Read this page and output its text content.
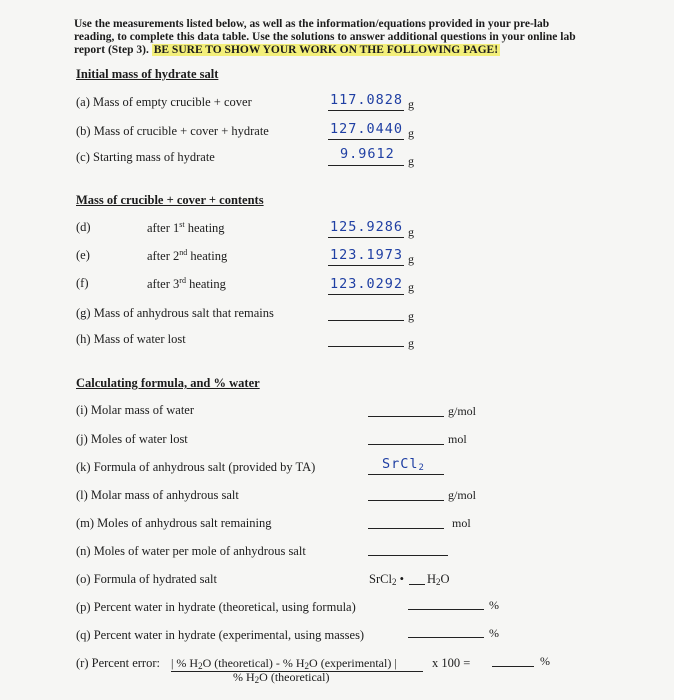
Use the measurements listed below, as well as the information/equations provided in your pre-lab
reading, to complete this data table. Use the solutions to answer additional questions in your online lab
report (Step 3). BE SURE TO SHOW YOUR WORK ON THE FOLLOWING PAGE!
Initial mass of hydrate salt
(a) Mass of empty crucible + cover	117.0828 g
(b) Mass of crucible + cover + hydrate	127.0440 g
(c) Starting mass of hydrate	9.9612 g
Mass of crucible + cover + contents
(d)	after 1st heating	125.9286 g
(e)	after 2nd heating	123.1973 g
(f)	after 3rd heating	123.0292 g
(g) Mass of anhydrous salt that remains	g
(h) Mass of water lost	g
Calculating formula, and % water
(i) Molar mass of water	g/mol
(j) Moles of water lost	mol
(k) Formula of anhydrous salt (provided by TA)	SrCl$_2$
(l) Molar mass of anhydrous salt	g/mol
(m) Moles of anhydrous salt remaining	mol
(n) Moles of water per mole of anhydrous salt
(o) Formula of hydrated salt	SrCl$_2$ • $H_2O$
(p) Percent water in hydrate (theoretical, using formula)	%
(q) Percent water in hydrate (experimental, using masses)	%
(r) Percent error: | % $H_2O$ (theoretical) - % $H_2O$ (experimental) |
% $H_2O$ (theoretical)
x 100 =	%
